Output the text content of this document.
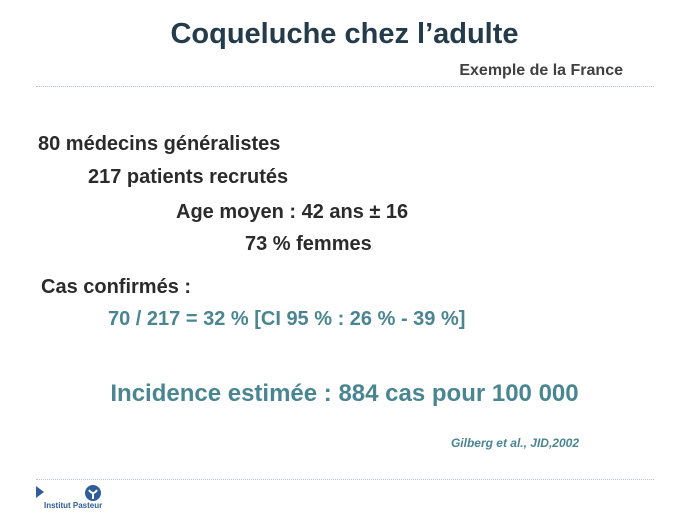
Coqueluche chez l’adulte
Exemple de la France
80 médecins généralistes
217 patients recrutés
Age moyen : 42 ans ± 16
73 % femmes
Cas confirmés :
70 / 217 = 32 % [CI 95 % : 26 % - 39 %]
Incidence estimée : 884 cas pour 100 000
Gilberg et al., JID,2002
Institut Pasteur
